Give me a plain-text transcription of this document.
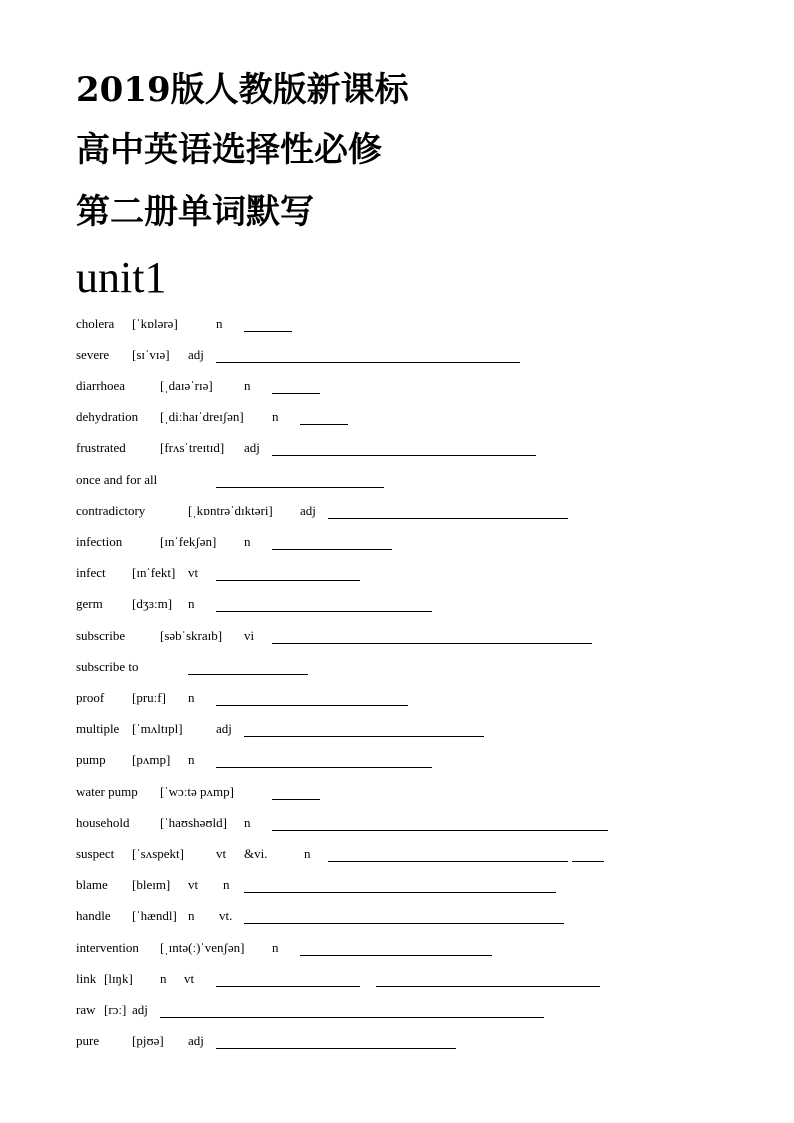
2019版人教版新课标
高中英语选择性必修
第二册单词默写
unit1
cholera [ˈkɒlərə]	n
severe [sɪˈvɪə] adj
diarrhoea	[ˌdaɪəˈrɪə] n
dehydration [ˌdiːhaɪˈdreɪʃən] n
frustrated	[frʌsˈtreɪtɪd] adj
once and for all
contradictory	[ˌkɒntrəˈdɪktəri] adj
infection	[ɪnˈfekʃən] n
infect [ɪnˈfekt] vt
germ [dʒɜːm] n
subscribe	[səbˈskraɪb] vi
subscribe to
proof [pruːf] n
multiple [ˈmʌltɪpl]	adj
pump [pʌmp] n
water pump [ˈwɔːtə pʌmp]
household [ˈhaʊshəʊld] n
suspect [ˈsʌspekt] vt &vi.	n
blame [bleɪm] vt n
handle [ˈhændl] n vt.
intervention [ˌɪntə(ː)ˈvenʃən] n
link [lɪŋk] n vt
raw [rɔː] adj
pure	[pjʊə] adj
